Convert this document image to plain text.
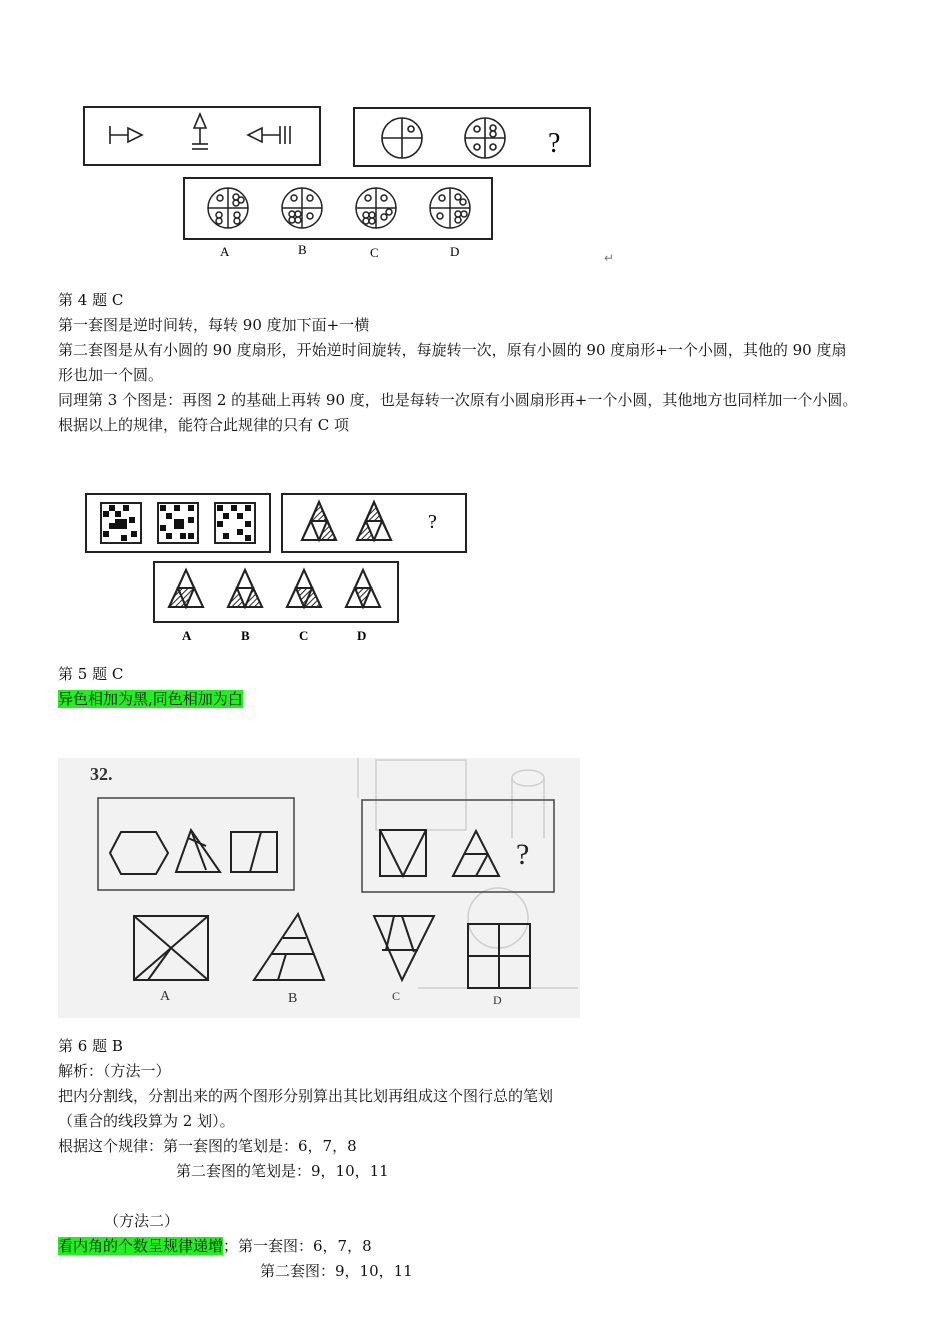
?
A	B	C	D	↵
第 4 题 C
第一套图是逆时间转，每转 90 度加下面+一横
第二套图是从有小圆的 90 度扇形，开始逆时间旋转，每旋转一次，原有小圆的 90 度扇形+一个小圆，其他的 90 度扇
形也加一个圆。
同理第 3 个图是：再图 2 的基础上再转 90 度，也是每转一次原有小圆扇形再+一个小圆，其他地方也同样加一个小圆。
根据以上的规律，能符合此规律的只有 C 项
?
A	B	C	D
第 5 题 C
异色相加为黑,同色相加为白
32.
?
A	B	C	D
第 6 题 B
解析：（方法一）
把内分割线，分割出来的两个图形分别算出其比划再组成这个图行总的笔划
（重合的线段算为 2 划）。
根据这个规律：第一套图的笔划是：6，7，8
第二套图的笔划是：9，10，11
（方法二）
看内角的个数呈规律递增；第一套图：6，7，8
第二套图：9，10，11
